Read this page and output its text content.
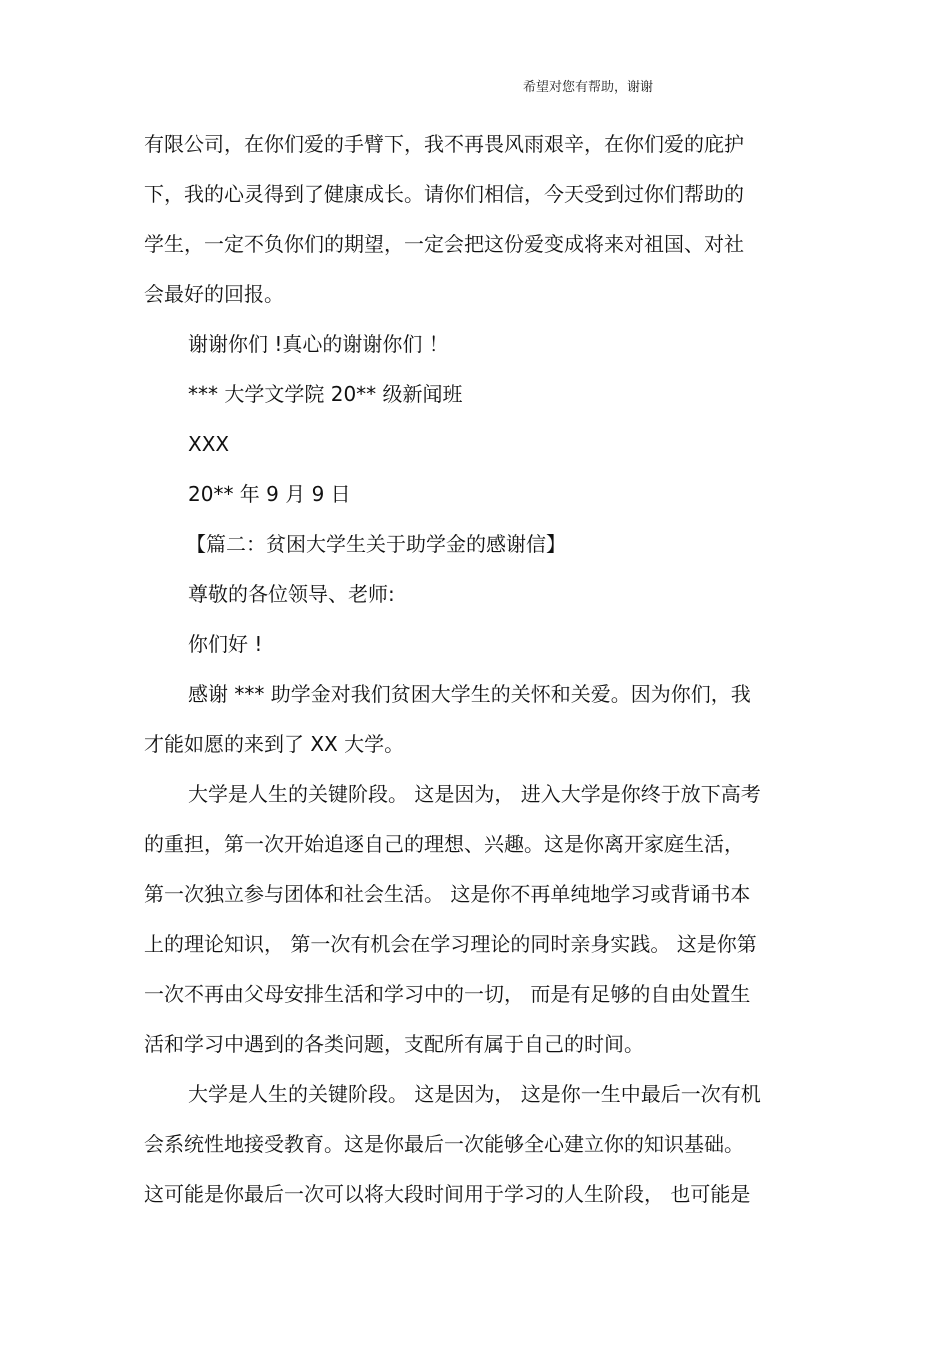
希望对您有帮助，谢谢
有限公司，在你们爱的手臂下，我不再畏风雨艰辛，在你们爱的庇护
下，我的心灵得到了健康成长。请你们相信，今天受到过你们帮助的
学生，一定不负你们的期望，一定会把这份爱变成将来对祖国、对社
会最好的回报。
谢谢你们 !真心的谢谢你们 ！
*** 大学文学院 20** 级新闻班
XXX
20** 年 9 月 9 日
【篇二：贫困大学生关于助学金的感谢信】
尊敬的各位领导、老师:
你们好 !
感谢 *** 助学金对我们贫困大学生的关怀和关爱。因为你们，我
才能如愿的来到了 XX 大学。
大学是人生的关键阶段。 这是因为， 进入大学是你终于放下高考
的重担，第一次开始追逐自己的理想、兴趣。这是你离开家庭生活，
第一次独立参与团体和社会生活。 这是你不再单纯地学习或背诵书本
上的理论知识， 第一次有机会在学习理论的同时亲身实践。 这是你第
一次不再由父母安排生活和学习中的一切， 而是有足够的自由处置生
活和学习中遇到的各类问题，支配所有属于自己的时间。
大学是人生的关键阶段。 这是因为， 这是你一生中最后一次有机
会系统性地接受教育。这是你最后一次能够全心建立你的知识基础。
这可能是你最后一次可以将大段时间用于学习的人生阶段， 也可能是
